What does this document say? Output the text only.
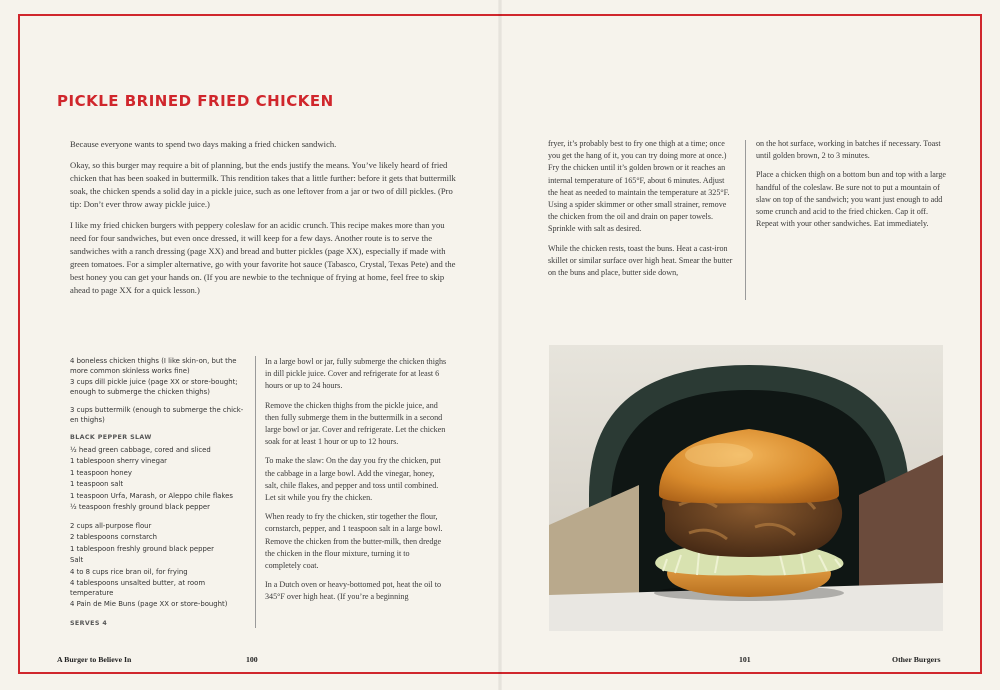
PICKLE BRINED FRIED CHICKEN

Because everyone wants to spend two days making a fried chicken sandwich.

Okay, so this burger may require a bit of planning, but the ends justify the means. You’ve likely heard of fried chicken that has been soaked in buttermilk. This rendition takes that a little further: before it gets that buttermilk soak, the chicken spends a solid day in a pickle juice, such as one leftover from a jar or two of dill pickles. (Pro tip: Don’t ever throw away pickle juice.)

I like my fried chicken burgers with peppery coleslaw for an acidic crunch. This recipe makes more than you need for four sandwiches, but even once dressed, it will keep for a few days. Another route is to serve the sandwiches with a ranch dressing (page XX) and bread and butter pickles (page XX), especially if made with green tomatoes. For a simpler alternative, go with your favorite hot sauce (Tabasco, Crystal, Texas Pete) and the best honey you can get your hands on. (If you are newbie to the technique of frying at home, feel free to skip ahead to page XX for a quick lesson.)

4 boneless chicken thighs (I like skin-on, but the more common skinless works fine)
3 cups dill pickle juice (page XX or store-bought; enough to submerge the chicken thighs)
3 cups buttermilk (enough to submerge the chick-en thighs)
BLACK PEPPER SLAW
½ head green cabbage, cored and sliced
1 tablespoon sherry vinegar
1 teaspoon honey
1 teaspoon salt
1 teaspoon Urfa, Marash, or Aleppo chile flakes
½ teaspoon freshly ground black pepper
2 cups all-purpose flour
2 tablespoons cornstarch
1 tablespoon freshly ground black pepper
Salt
4 to 8 cups rice bran oil, for frying
4 tablespoons unsalted butter, at room temperature
4 Pain de Mie Buns (page XX or store-bought)
SERVES 4

In a large bowl or jar, fully submerge the chicken thighs in dill pickle juice. Cover and refrigerate for at least 6 hours or up to 24 hours.

Remove the chicken thighs from the pickle juice, and then fully submerge them in the buttermilk in a second large bowl or jar. Cover and refrigerate. Let the chicken soak for at least 1 hour or up to 12 hours.

To make the slaw: On the day you fry the chicken, put the cabbage in a large bowl. Add the vinegar, honey, salt, chile flakes, and pepper and toss until combined. Let sit while you fry the chicken.

When ready to fry the chicken, stir together the flour, cornstarch, pepper, and 1 teaspoon salt in a large bowl. Remove the chicken from the butter-milk, then dredge the chicken in the flour mixture, turning it to completely coat.

In a Dutch oven or heavy-bottomed pot, heat the oil to 345°F over high heat. (If you’re a beginning

fryer, it’s probably best to fry one thigh at a time; once you get the hang of it, you can try doing more at once.) Fry the chicken until it’s golden brown or it reaches an internal temperature of 165°F, about 6 minutes. Adjust the heat as needed to maintain the temperature at 325°F. Using a spider skimmer or other small strainer, remove the chicken from the oil and drain on paper towels. Sprinkle with salt as desired.

While the chicken rests, toast the buns. Heat a cast-iron skillet or similar surface over high heat. Smear the butter on the buns and place, butter side down,

on the hot surface, working in batches if necessary. Toast until golden brown, 2 to 3 minutes.

Place a chicken thigh on a bottom bun and top with a large handful of the coleslaw. Be sure not to put a mountain of slaw on top of the sandwich; you want just enough to add some crunch and acid to the fried chicken. Cap it off. Repeat with your other sandwiches. Eat immediately.

A Burger to Believe In	100	101	Other Burgers
